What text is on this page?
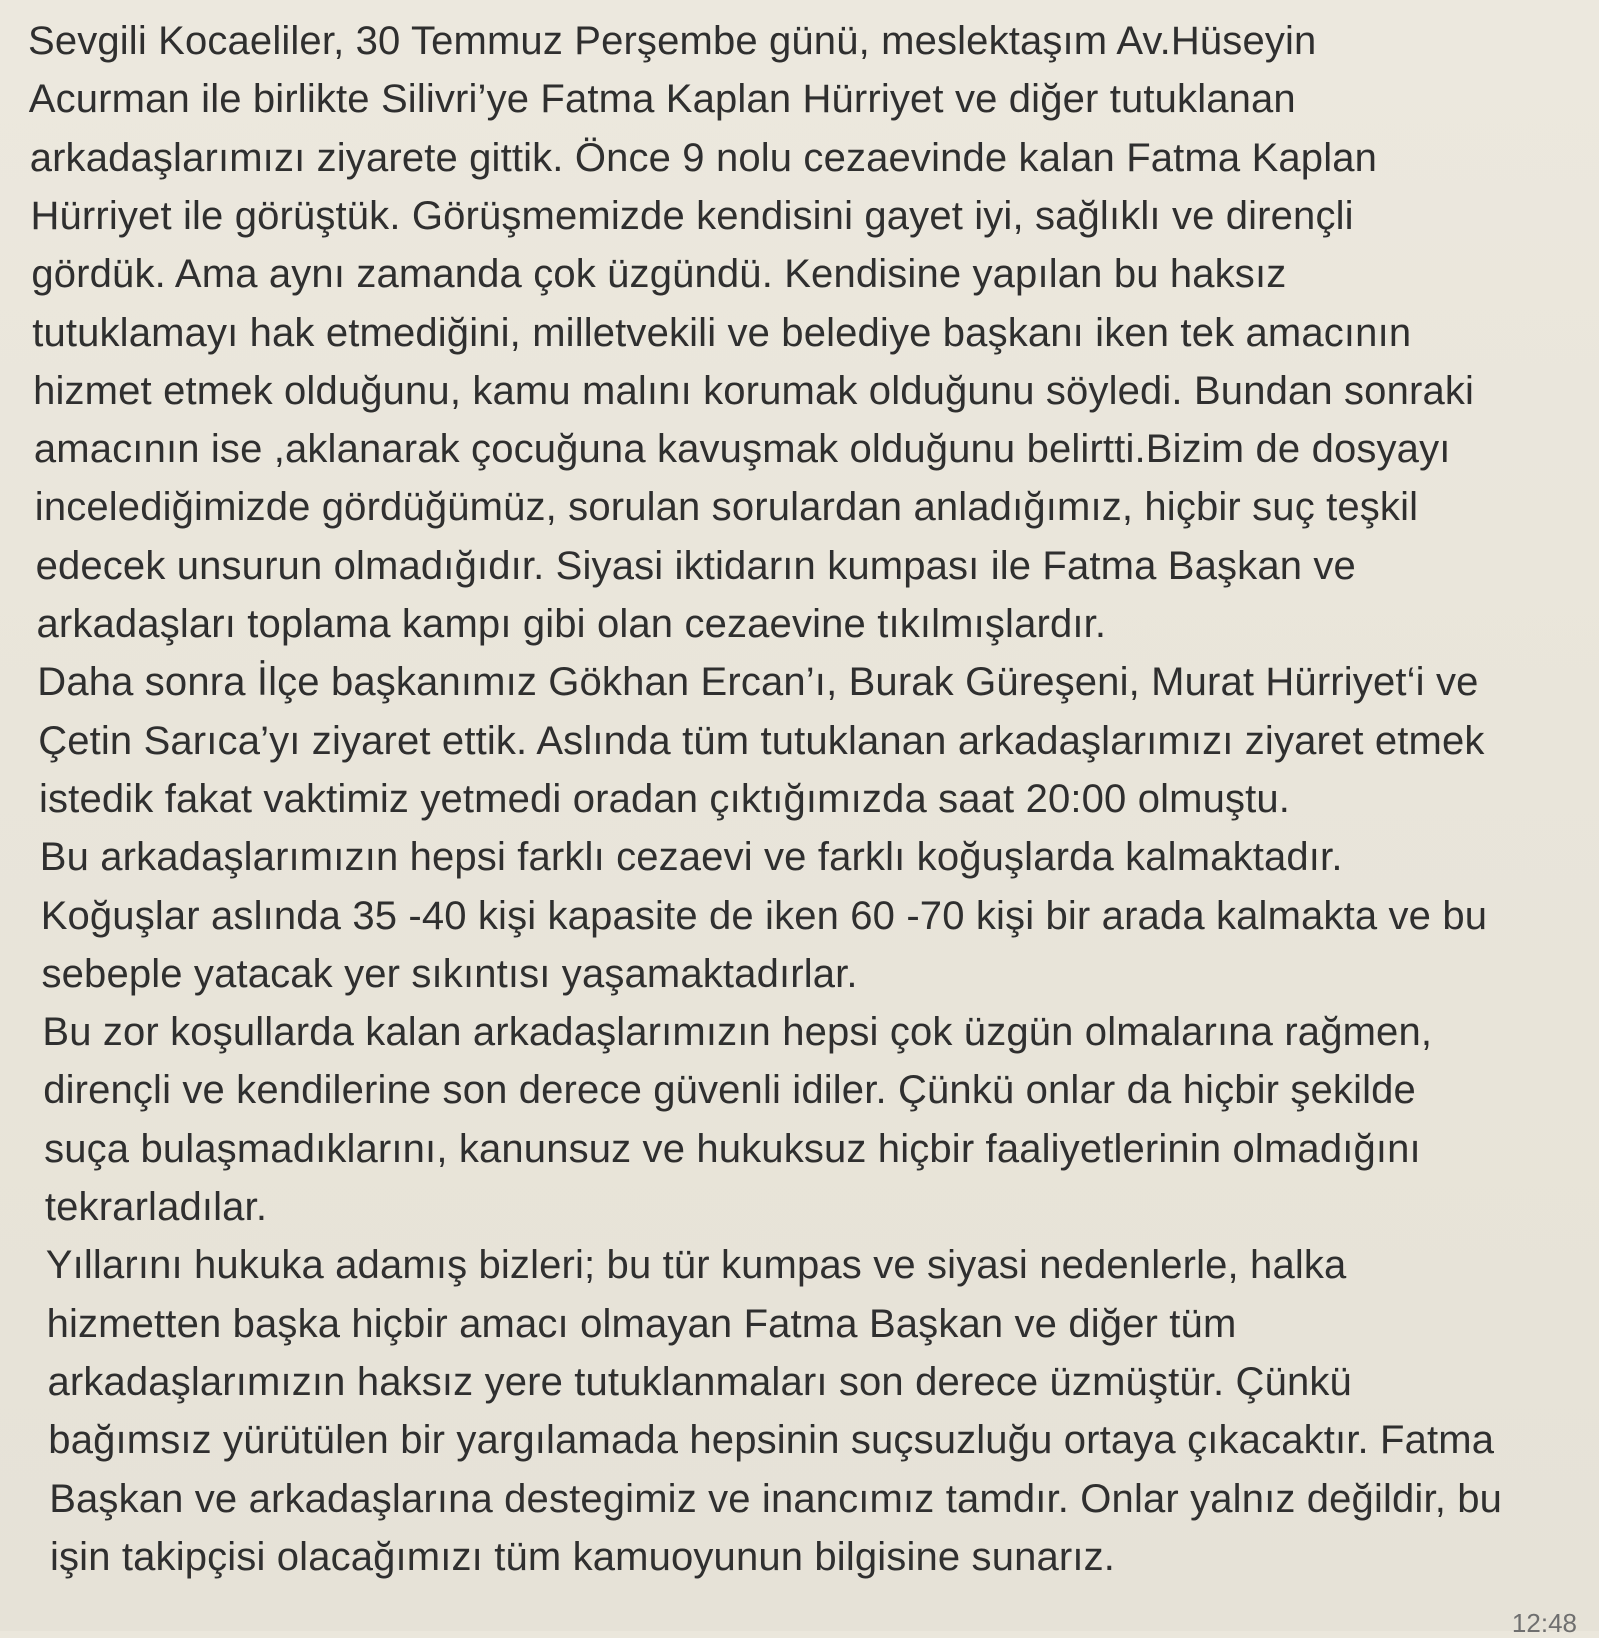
Sevgili Kocaeliler, 30 Temmuz Perşembe günü, meslektaşım Av.Hüseyin
Acurman ile birlikte Silivri’ye Fatma Kaplan Hürriyet ve diğer tutuklanan
arkadaşlarımızı ziyarete gittik. Önce 9 nolu cezaevinde kalan Fatma Kaplan
Hürriyet ile görüştük. Görüşmemizde kendisini gayet iyi, sağlıklı ve dirençli
gördük. Ama aynı zamanda çok üzgündü. Kendisine yapılan bu haksız
tutuklamayı hak etmediğini, milletvekili ve belediye başkanı iken tek amacının
hizmet etmek olduğunu, kamu malını korumak olduğunu söyledi. Bundan sonraki
amacının ise ,aklanarak çocuğuna kavuşmak olduğunu belirtti.Bizim de dosyayı
incelediğimizde gördüğümüz, sorulan sorulardan anladığımız, hiçbir suç teşkil
edecek unsurun olmadığıdır. Siyasi iktidarın kumpası ile Fatma Başkan ve
arkadaşları toplama kampı gibi olan cezaevine tıkılmışlardır.
Daha sonra İlçe başkanımız Gökhan Ercan’ı, Burak Güreşeni, Murat Hürriyet‘i ve
Çetin Sarıca’yı ziyaret ettik. Aslında tüm tutuklanan arkadaşlarımızı ziyaret etmek
istedik fakat vaktimiz yetmedi oradan çıktığımızda saat 20:00 olmuştu.
Bu arkadaşlarımızın hepsi farklı cezaevi ve farklı koğuşlarda kalmaktadır.
Koğuşlar aslında 35 -40 kişi kapasite de iken 60 -70 kişi bir arada kalmakta ve bu
sebeple yatacak yer sıkıntısı yaşamaktadırlar.
Bu zor koşullarda kalan arkadaşlarımızın hepsi çok üzgün olmalarına rağmen,
dirençli ve kendilerine son derece güvenli idiler. Çünkü onlar da hiçbir şekilde
suça bulaşmadıklarını, kanunsuz ve hukuksuz hiçbir faaliyetlerinin olmadığını
tekrarladılar.
Yıllarını hukuka adamış bizleri; bu tür kumpas ve siyasi nedenlerle, halka
hizmetten başka hiçbir amacı olmayan Fatma Başkan ve diğer tüm
arkadaşlarımızın haksız yere tutuklanmaları son derece üzmüştür. Çünkü
bağımsız yürütülen bir yargılamada hepsinin suçsuzluğu ortaya çıkacaktır. Fatma
Başkan ve arkadaşlarına destegimiz ve inancımız tamdır. Onlar yalnız değildir, bu
işin takipçisi olacağımızı tüm kamuoyunun bilgisine sunarız.
12:48
